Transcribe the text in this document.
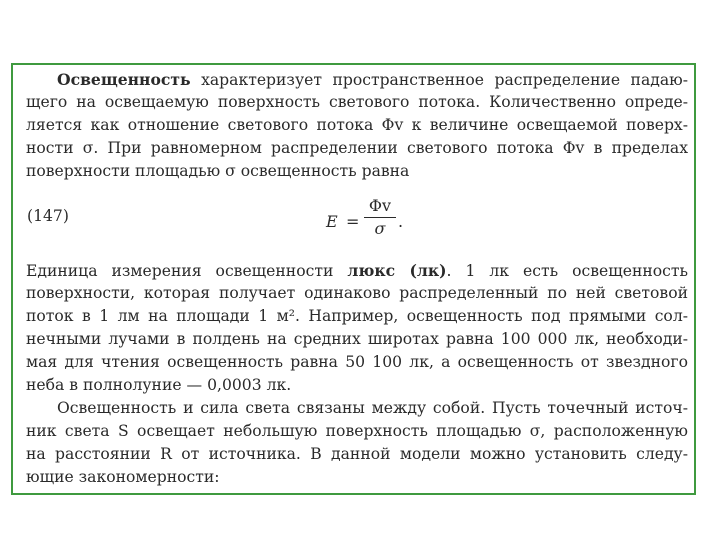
Освещенность характеризует пространственное распределение падаю-
щего на освещаемую поверхность светового потока. Количественно опреде-
ляется как отношение светового потока Φv к величине освещаемой поверх-
ности σ. При равномерном распределении светового потока Φv в пределах
поверхности площадью σ освещенность равна
(147)	$E = \frac{\Phi v}{\sigma}$ .
Единица измерения освещенности люкс (лк). 1 лк есть освещенность
поверхности, которая получает одинаково распределенный по ней световой
поток в 1 лм на площади 1 м². Например, освещенность под прямыми сол-
нечными лучами в полдень на средних широтах равна 100 000 лк, необходи-
мая для чтения освещенность равна 50 100 лк, а освещенность от звездного
неба в полнолуние — 0,0003 лк.
Освещенность и сила света связаны между собой. Пусть точечный источ-
ник света S освещает небольшую поверхность площадью σ, расположенную
на расстоянии R от источника. В данной модели можно установить следу-
ющие закономерности:
